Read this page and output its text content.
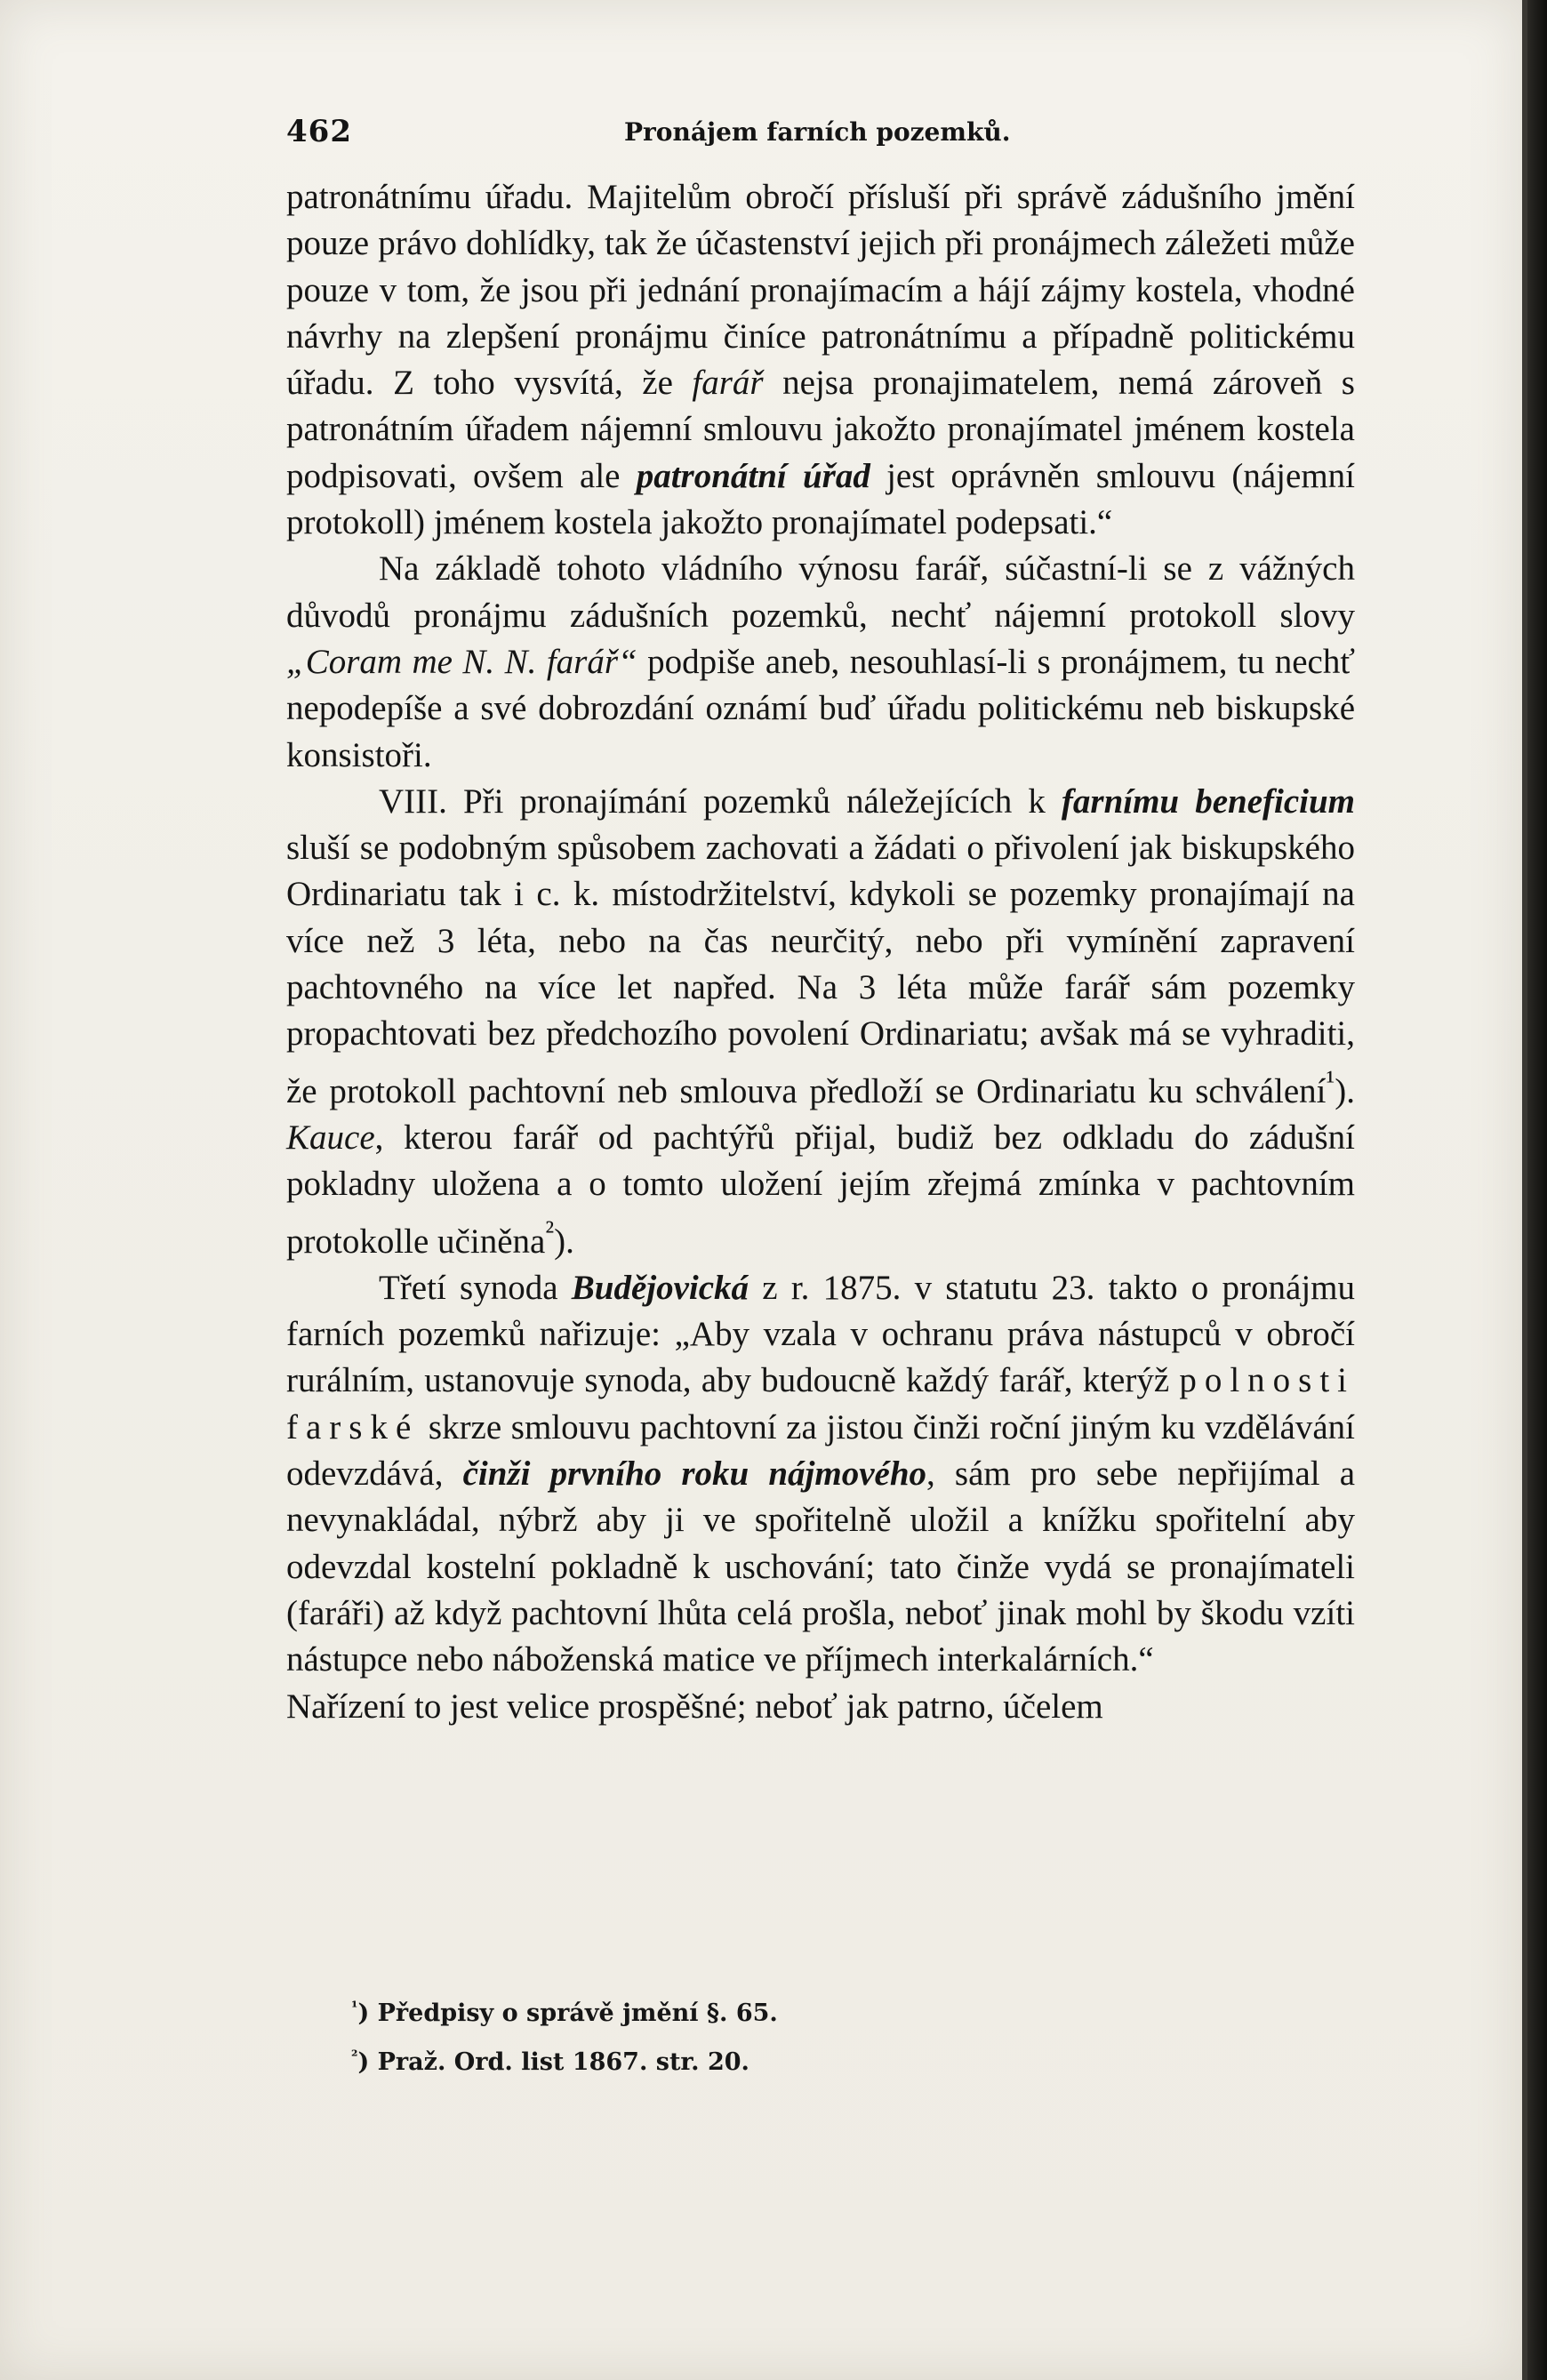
462	Pronájem farních pozemků.

patronátnímu úřadu. Majitelům obročí přísluší při správě zádušního jmění pouze právo dohlídky, tak že účastenství jejich při pronájmech záležeti může pouze v tom, že jsou při jednání pronajímacím a hájí zájmy kostela, vhodné návrhy na zlepšení pronájmu činíce patronátnímu a případně politickému úřadu. Z toho vysvítá, že farář nejsa pronajimatelem, nemá zároveň s patronátním úřadem nájemní smlouvu jakožto pronajímatel jménem kostela podpisovati, ovšem ale patronátní úřad jest oprávněn smlouvu (nájemní protokoll) jménem kostela jakožto pronajímatel podepsati.“

Na základě tohoto vládního výnosu farář, súčastní-li se z vážných důvodů pronájmu zádušních pozemků, nechť nájemní protokoll slovy „Coram me N. N. farář“ podpiše aneb, nesouhlasí-li s pronájmem, tu nechť nepodepíše a své dobrozdání oznámí buď úřadu politickému neb biskupské konsistoři.

VIII. Při pronajímání pozemků náležejících k farnímu beneficium sluší se podobným spůsobem zachovati a žádati o přivolení jak biskupského Ordinariatu tak i c. k. místodržitelství, kdykoli se pozemky pronajímají na více než 3 léta, nebo na čas neurčitý, nebo při vymínění zapravení pachtovného na více let napřed. Na 3 léta může farář sám pozemky propachtovati bez předchozího povolení Ordinariatu; avšak má se vyhraditi, že protokoll pachtovní neb smlouva předloží se Ordinariatu ku schválení$^{^1}$). Kauce, kterou farář od pachtýřů přijal, budiž bez odkladu do zádušní pokladny uložena a o tomto uložení jejím zřejmá zmínka v pachtovním protokolle učiněna$^{^2}$).

Třetí synoda Budějovická z r. 1875. v statutu 23. takto o pronájmu farních pozemků nařizuje: „Aby vzala v ochranu práva nástupců v obročí rurálním, ustanovuje synoda, aby budoucně každý farář, kterýž polnosti farské skrze smlouvu pachtovní za jistou činži roční jiným ku vzdělávání odevzdává, činži prvního roku nájmového, sám pro sebe nepřijímal a nevynakládal, nýbrž aby ji ve spořitelně uložil a knížku spořitelní aby odevzdal kostelní pokladně k uschování; tato činže vydá se pronajímateli (faráři) až když pachtovní lhůta celá prošla, neboť jinak mohl by škodu vzíti nástupce nebo náboženská matice ve příjmech interkalárních.“

Nařízení to jest velice prospěšné; neboť jak patrno, účelem

$^{^1}$) Předpisy o správě jmění §. 65.
$^{^2}$) Praž. Ord. list 1867. str. 20.
